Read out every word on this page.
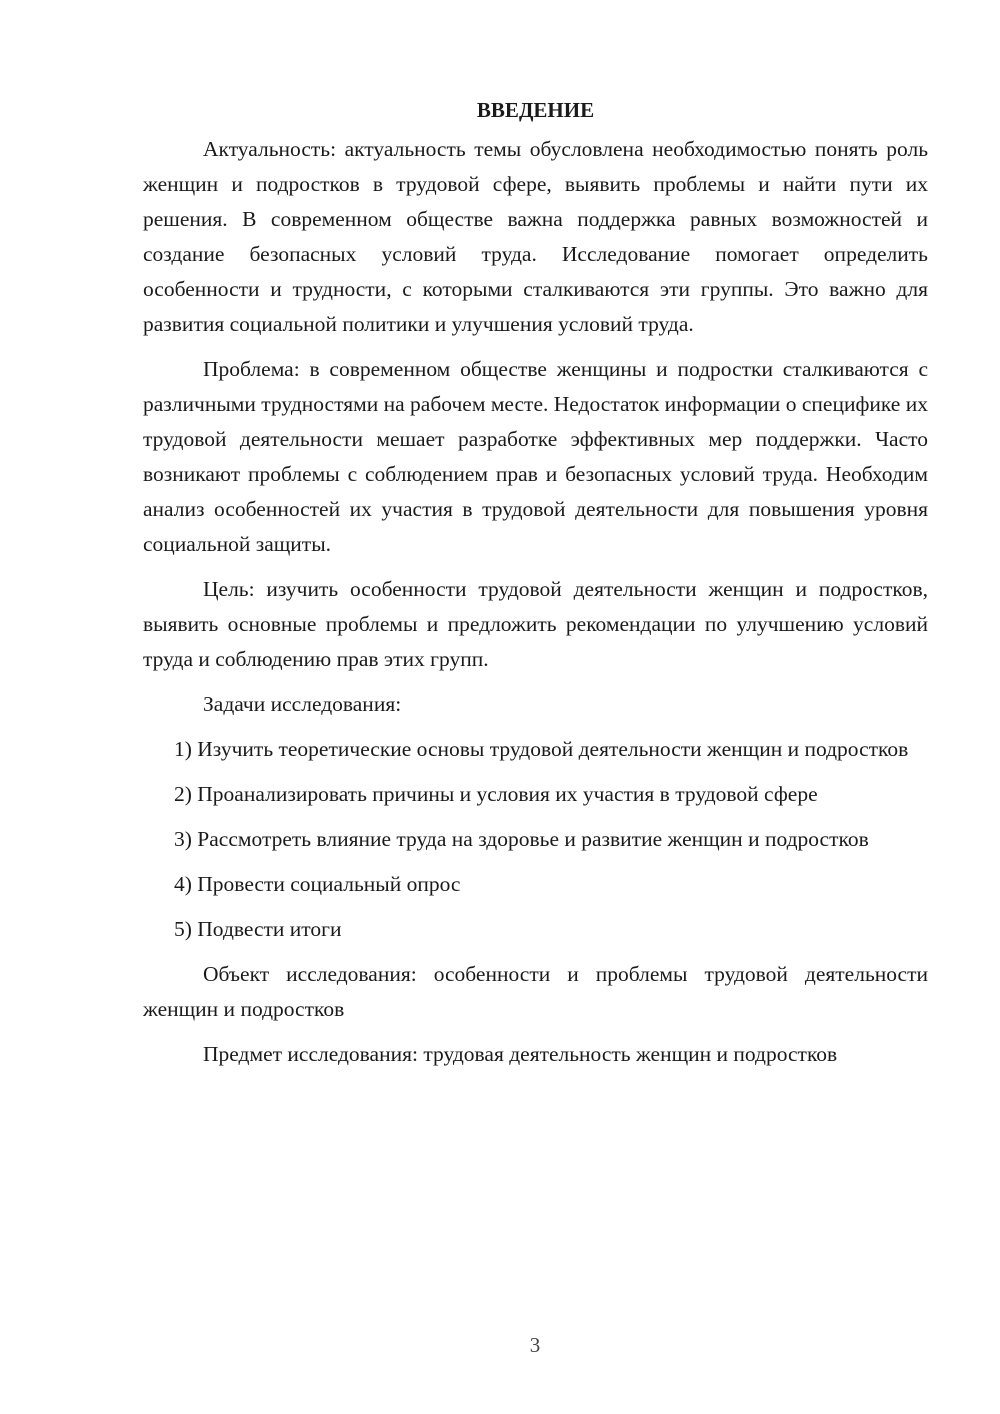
ВВЕДЕНИЕ

Актуальность: актуальность темы обусловлена необходимостью понять роль женщин и подростков в трудовой сфере, выявить проблемы и найти пути их решения. В современном обществе важна поддержка равных возможностей и создание безопасных условий труда. Исследование помогает определить особенности и трудности, с которыми сталкиваются эти группы. Это важно для развития социальной политики и улучшения условий труда.

Проблема: в современном обществе женщины и подростки сталкиваются с различными трудностями на рабочем месте. Недостаток информации о специфике их трудовой деятельности мешает разработке эффективных мер поддержки. Часто возникают проблемы с соблюдением прав и безопасных условий труда. Необходим анализ особенностей их участия в трудовой деятельности для повышения уровня социальной защиты.

Цель: изучить особенности трудовой деятельности женщин и подростков, выявить основные проблемы и предложить рекомендации по улучшению условий труда и соблюдению прав этих групп.

Задачи исследования:

1) Изучить теоретические основы трудовой деятельности женщин и подростков

2) Проанализировать причины и условия их участия в трудовой сфере

3) Рассмотреть влияние труда на здоровье и развитие женщин и подростков

4) Провести социальный опрос

5) Подвести итоги

Объект исследования: особенности и проблемы трудовой деятельности женщин и подростков

Предмет исследования: трудовая деятельность женщин и подростков

3
